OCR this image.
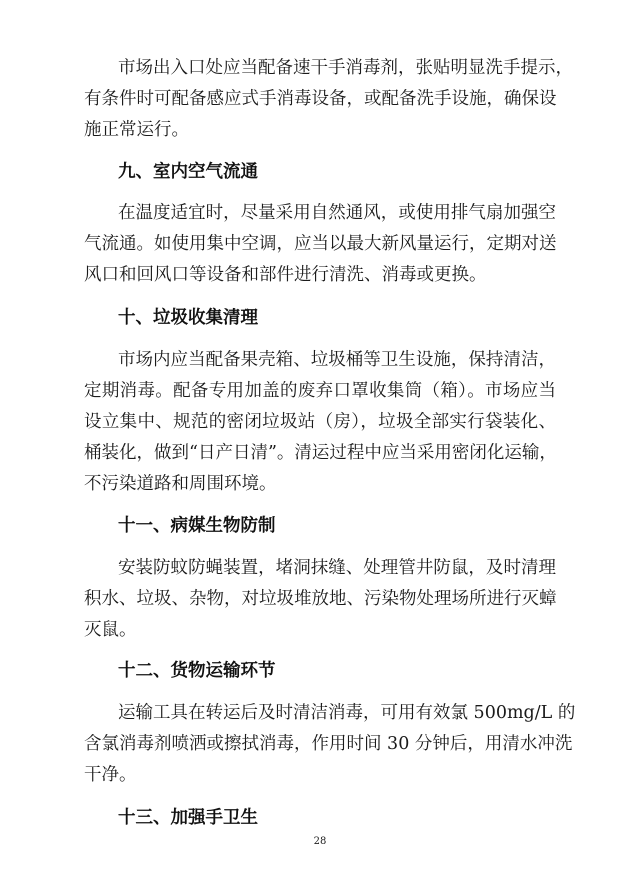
市场出入口处应当配备速干手消毒剂，张贴明显洗手提示，
有条件时可配备感应式手消毒设备，或配备洗手设施，确保设
施正常运行。
九、室内空气流通
在温度适宜时，尽量采用自然通风，或使用排气扇加强空
气流通。如使用集中空调，应当以最大新风量运行，定期对送
风口和回风口等设备和部件进行清洗、消毒或更换。
十、垃圾收集清理
市场内应当配备果壳箱、垃圾桶等卫生设施，保持清洁，
定期消毒。配备专用加盖的废弃口罩收集筒（箱）。市场应当
设立集中、规范的密闭垃圾站（房），垃圾全部实行袋装化、
桶装化，做到“日产日清”。清运过程中应当采用密闭化运输，
不污染道路和周围环境。
十一、病媒生物防制
安装防蚊防蝇装置，堵洞抹缝、处理管井防鼠，及时清理
积水、垃圾、杂物，对垃圾堆放地、污染物处理场所进行灭蟑
灭鼠。
十二、货物运输环节
运输工具在转运后及时清洁消毒，可用有效氯 500mg/L 的
含氯消毒剂喷洒或擦拭消毒，作用时间 30 分钟后，用清水冲洗
干净。
十三、加强手卫生
28
